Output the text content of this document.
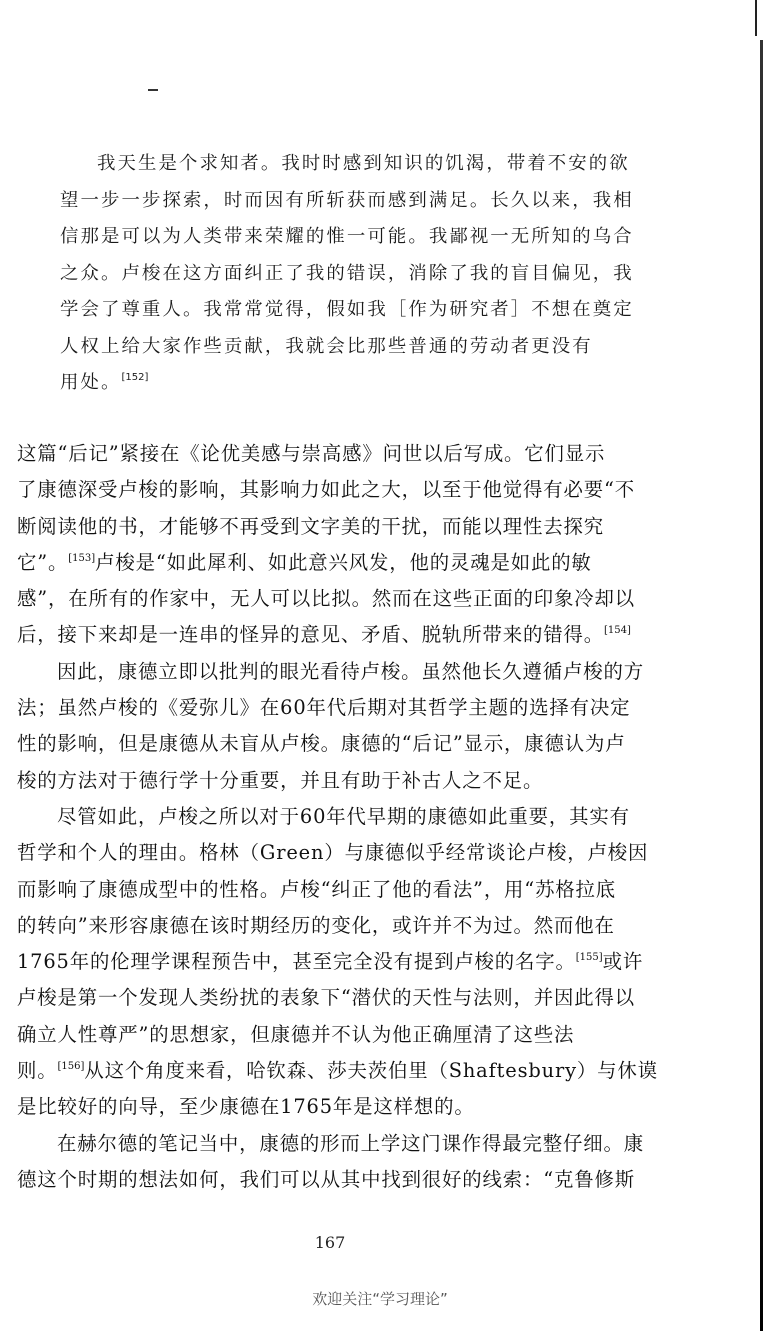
我天生是个求知者。我时时感到知识的饥渴，带着不安的欲
望一步一步探索，时而因有所斩获而感到满足。长久以来，我相
信那是可以为人类带来荣耀的惟一可能。我鄙视一无所知的乌合
之众。卢梭在这方面纠正了我的错误，消除了我的盲目偏见，我
学会了尊重人。我常常觉得，假如我［作为研究者］不想在奠定
人权上给大家作些贡献，我就会比那些普通的劳动者更没有
用处。[152]
这篇“后记”紧接在《论优美感与崇高感》问世以后写成。它们显示
了康德深受卢梭的影响，其影响力如此之大，以至于他觉得有必要“不
断阅读他的书，才能够不再受到文字美的干扰，而能以理性去探究
它”。[153]卢梭是“如此犀利、如此意兴风发，他的灵魂是如此的敏
感”，在所有的作家中，无人可以比拟。然而在这些正面的印象冷却以
后，接下来却是一连串的怪异的意见、矛盾、脱轨所带来的错得。[154]
因此，康德立即以批判的眼光看待卢梭。虽然他长久遵循卢梭的方
法；虽然卢梭的《爱弥儿》在60年代后期对其哲学主题的选择有决定
性的影响，但是康德从未盲从卢梭。康德的“后记”显示，康德认为卢
梭的方法对于德行学十分重要，并且有助于补古人之不足。
尽管如此，卢梭之所以对于60年代早期的康德如此重要，其实有
哲学和个人的理由。格林（Green）与康德似乎经常谈论卢梭，卢梭因
而影响了康德成型中的性格。卢梭“纠正了他的看法”，用“苏格拉底
的转向”来形容康德在该时期经历的变化，或许并不为过。然而他在
1765年的伦理学课程预告中，甚至完全没有提到卢梭的名字。[155]或许
卢梭是第一个发现人类纷扰的表象下“潜伏的天性与法则，并因此得以
确立人性尊严”的思想家，但康德并不认为他正确厘清了这些法
则。[156]从这个角度来看，哈钦森、莎夫茨伯里（Shaftesbury）与休谟
是比较好的向导，至少康德在1765年是这样想的。
在赫尔德的笔记当中，康德的形而上学这门课作得最完整仔细。康
德这个时期的想法如何，我们可以从其中找到很好的线索：“克鲁修斯
167
欢迎关注“学习理论”
